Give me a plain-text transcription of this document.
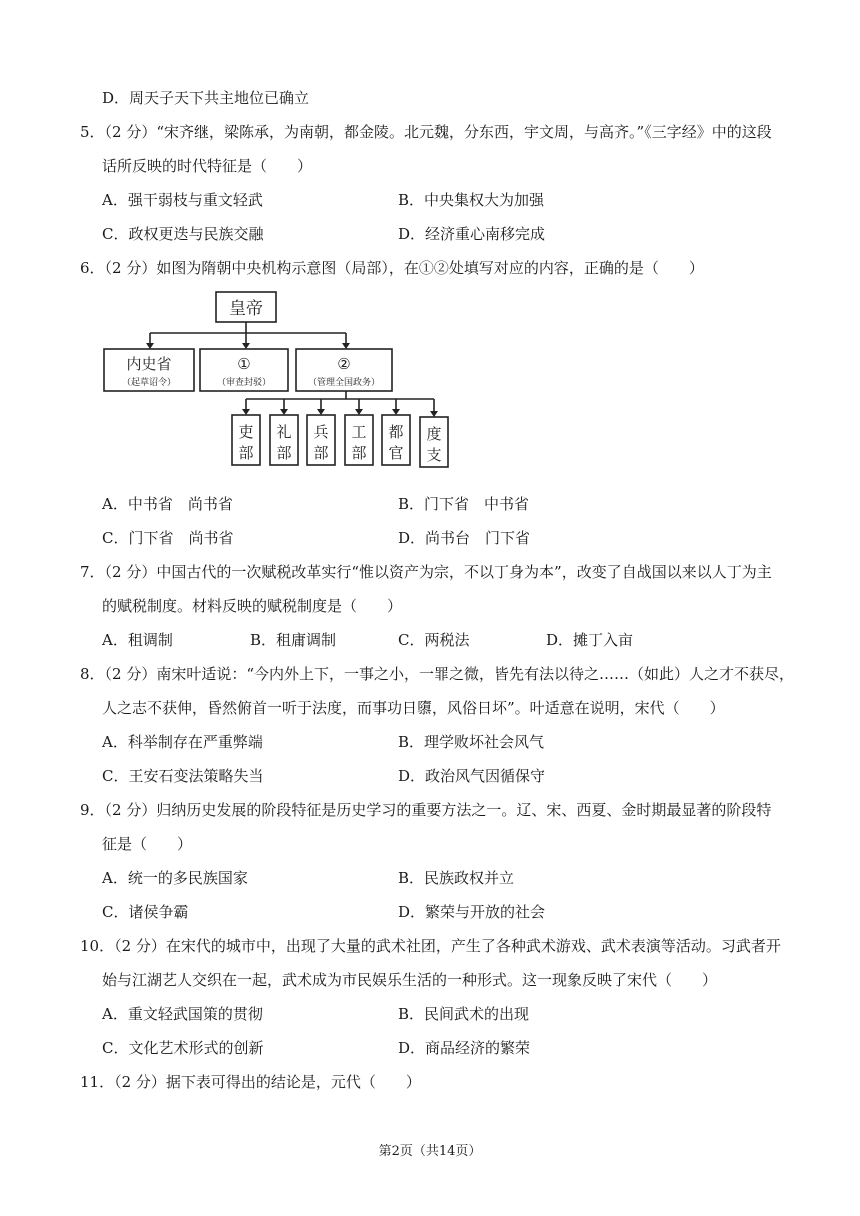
D．周天子天下共主地位已确立
5．（2 分）“宋齐继，梁陈承，为南朝，都金陵。北元魏，分东西，宇文周，与高齐。”《三字经》中的这段
话所反映的时代特征是（　　）
A．强干弱枝与重文轻武	B．中央集权大为加强
C．政权更迭与民族交融	D．经济重心南移完成
6．（2 分）如图为隋朝中央机构示意图（局部），在①②处填写对应的内容，正确的是（　　）
皇帝
内史省
（起草诏令）
①
（审查封驳）
②
（管理全国政务）
吏
部
礼
部
兵
部
工
部
都
官
度
支
A．中书省　尚书省	B．门下省　中书省
C．门下省　尚书省	D．尚书台　门下省
7．（2 分）中国古代的一次赋税改革实行“惟以资产为宗，不以丁身为本”，改变了自战国以来以人丁为主
的赋税制度。材料反映的赋税制度是（　　）
A．租调制	B．租庸调制	C．两税法	D．摊丁入亩
8．（2 分）南宋叶适说：“今内外上下，一事之小，一罪之微，皆先有法以待之……（如此）人之才不获尽，
人之志不获伸，昏然俯首一听于法度，而事功日隳，风俗日坏”。叶适意在说明，宋代（　　）
A．科举制存在严重弊端	B．理学败坏社会风气
C．王安石变法策略失当	D．政治风气因循保守
9．（2 分）归纳历史发展的阶段特征是历史学习的重要方法之一。辽、宋、西夏、金时期最显著的阶段特
征是（　　）
A．统一的多民族国家	B．民族政权并立
C．诸侯争霸	D．繁荣与开放的社会
10．（2 分）在宋代的城市中，出现了大量的武术社团，产生了各种武术游戏、武术表演等活动。习武者开
始与江湖艺人交织在一起，武术成为市民娱乐生活的一种形式。这一现象反映了宋代（　　）
A．重文轻武国策的贯彻	B．民间武术的出现
C．文化艺术形式的创新	D．商品经济的繁荣
11．（2 分）据下表可得出的结论是，元代（　　）
第2页（共14页）
